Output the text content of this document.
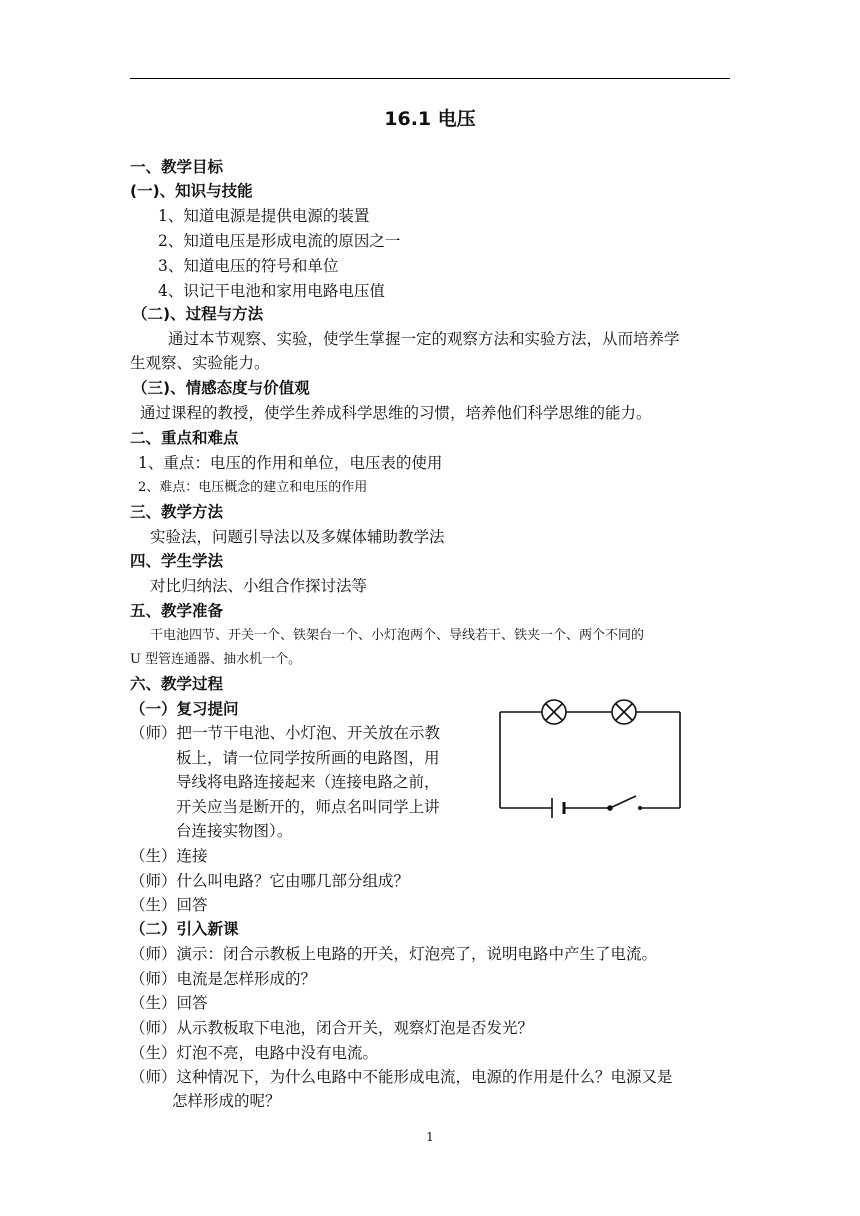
16.1 电压
一、教学目标
(一)、知识与技能
1、知道电源是提供电源的装置
2、知道电压是形成电流的原因之一
3、知道电压的符号和单位
4、识记干电池和家用电路电压值
（二)、过程与方法
通过本节观察、实验，使学生掌握一定的观察方法和实验方法，从而培养学
生观察、实验能力。
（三)、情感态度与价值观
通过课程的教授，使学生养成科学思维的习惯，培养他们科学思维的能力。
二、重点和难点
1、重点：电压的作用和单位，电压表的使用
2、难点：电压概念的建立和电压的作用
三、教学方法
实验法，问题引导法以及多媒体辅助教学法
四、学生学法
对比归纳法、小组合作探讨法等
五、教学准备
干电池四节、开关一个、铁架台一个、小灯泡两个、导线若干、铁夹一个、两个不同的
U 型管连通器、抽水机一个。
六、教学过程
（一）复习提问
（师）把一节干电池、小灯泡、开关放在示教
板上，请一位同学按所画的电路图，用
导线将电路连接起来（连接电路之前，
开关应当是断开的，师点名叫同学上讲
台连接实物图）。
（生）连接
（师）什么叫电路？它由哪几部分组成？
（生）回答
（二）引入新课
（师）演示：闭合示教板上电路的开关，灯泡亮了，说明电路中产生了电流。
（师）电流是怎样形成的？
（生）回答
（师）从示教板取下电池，闭合开关，观察灯泡是否发光？
（生）灯泡不亮，电路中没有电流。
（师）这种情况下，为什么电路中不能形成电流，电源的作用是什么？电源又是
怎样形成的呢？
1
